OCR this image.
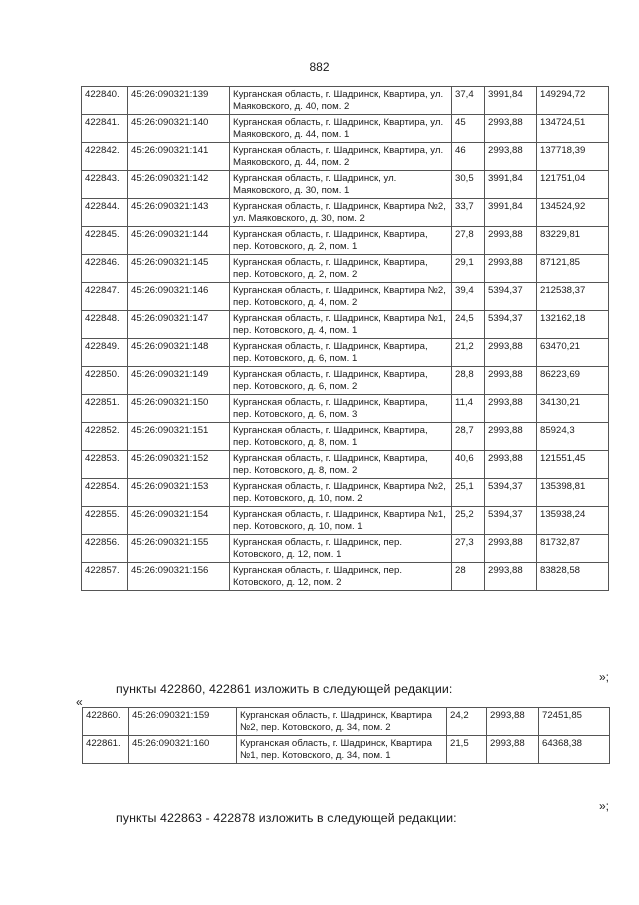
882
422840.	45:26:090321:139	Курганская область, г. Шадринск, Квартира, ул. Маяковского, д. 40, пом. 2	37,4	3991,84	149294,72
422841.	45:26:090321:140	Курганская область, г. Шадринск, Квартира, ул. Маяковского, д. 44, пом. 1	45	2993,88	134724,51
422842.	45:26:090321:141	Курганская область, г. Шадринск, Квартира, ул. Маяковского, д. 44, пом. 2	46	2993,88	137718,39
422843.	45:26:090321:142	Курганская область, г. Шадринск, ул. Маяковского, д. 30, пом. 1	30,5	3991,84	121751,04
422844.	45:26:090321:143	Курганская область, г. Шадринск, Квартира №2, ул. Маяковского, д. 30, пом. 2	33,7	3991,84	134524,92
422845.	45:26:090321:144	Курганская область, г. Шадринск, Квартира, пер. Котовского, д. 2, пом. 1	27,8	2993,88	83229,81
422846.	45:26:090321:145	Курганская область, г. Шадринск, Квартира, пер. Котовского, д. 2, пом. 2	29,1	2993,88	87121,85
422847.	45:26:090321:146	Курганская область, г. Шадринск, Квартира №2, пер. Котовского, д. 4, пом. 2	39,4	5394,37	212538,37
422848.	45:26:090321:147	Курганская область, г. Шадринск, Квартира №1, пер. Котовского, д. 4, пом. 1	24,5	5394,37	132162,18
422849.	45:26:090321:148	Курганская область, г. Шадринск, Квартира, пер. Котовского, д. 6, пом. 1	21,2	2993,88	63470,21
422850.	45:26:090321:149	Курганская область, г. Шадринск, Квартира, пер. Котовского, д. 6, пом. 2	28,8	2993,88	86223,69
422851.	45:26:090321:150	Курганская область, г. Шадринск, Квартира, пер. Котовского, д. 6, пом. 3	11,4	2993,88	34130,21
422852.	45:26:090321:151	Курганская область, г. Шадринск, Квартира, пер. Котовского, д. 8, пом. 1	28,7	2993,88	85924,3
422853.	45:26:090321:152	Курганская область, г. Шадринск, Квартира, пер. Котовского, д. 8, пом. 2	40,6	2993,88	121551,45
422854.	45:26:090321:153	Курганская область, г. Шадринск, Квартира №2, пер. Котовского, д. 10, пом. 2	25,1	5394,37	135398,81
422855.	45:26:090321:154	Курганская область, г. Шадринск, Квартира №1, пер. Котовского, д. 10, пом. 1	25,2	5394,37	135938,24
422856.	45:26:090321:155	Курганская область, г. Шадринск, пер. Котовского, д. 12, пом. 1	27,3	2993,88	81732,87
422857.	45:26:090321:156	Курганская область, г. Шадринск, пер. Котовского, д. 12, пом. 2	28	2993,88	83828,58
»;
пункты 422860, 422861 изложить в следующей редакции:
«
422860.	45:26:090321:159	Курганская область, г. Шадринск, Квартира №2, пер. Котовского, д. 34, пом. 2	24,2	2993,88	72451,85
422861.	45:26:090321:160	Курганская область, г. Шадринск, Квартира №1, пер. Котовского, д. 34, пом. 1	21,5	2993,88	64368,38
»;
пункты 422863 - 422878 изложить в следующей редакции:
